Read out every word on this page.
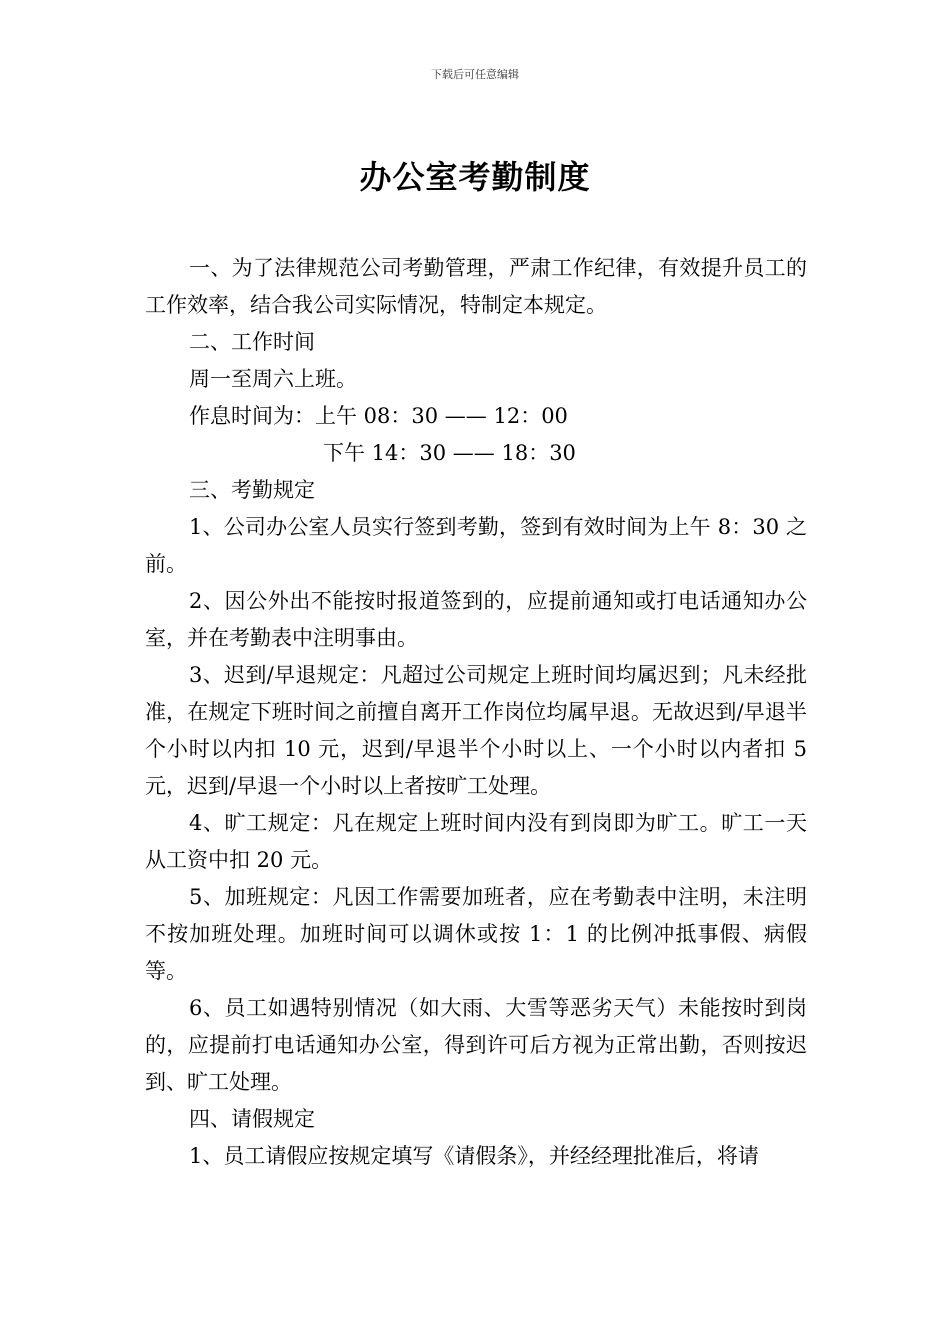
下载后可任意编辑
办公室考勤制度

一、为了法律规范公司考勤管理，严肃工作纪律，有效提升员工的工作效率，结合我公司实际情况，特制定本规定。

二、工作时间

周一至周六上班。

作息时间为：上午 08：30 —— 12：00

下午 14：30 —— 18：30

三、考勤规定

1、公司办公室人员实行签到考勤，签到有效时间为上午 8：30 之前。

2、因公外出不能按时报道签到的，应提前通知或打电话通知办公室，并在考勤表中注明事由。

3、迟到/早退规定：凡超过公司规定上班时间均属迟到；凡未经批准，在规定下班时间之前擅自离开工作岗位均属早退。无故迟到/早退半个小时以内扣 10 元，迟到/早退半个小时以上、一个小时以内者扣 5 元，迟到/早退一个小时以上者按旷工处理。

4、旷工规定：凡在规定上班时间内没有到岗即为旷工。旷工一天从工资中扣 20 元。

5、加班规定：凡因工作需要加班者，应在考勤表中注明，未注明不按加班处理。加班时间可以调休或按 1：1 的比例冲抵事假、病假等。

6、员工如遇特别情况（如大雨、大雪等恶劣天气）未能按时到岗的，应提前打电话通知办公室，得到许可后方视为正常出勤，否则按迟到、旷工处理。

四、请假规定

1、员工请假应按规定填写《请假条》，并经经理批准后，将请
